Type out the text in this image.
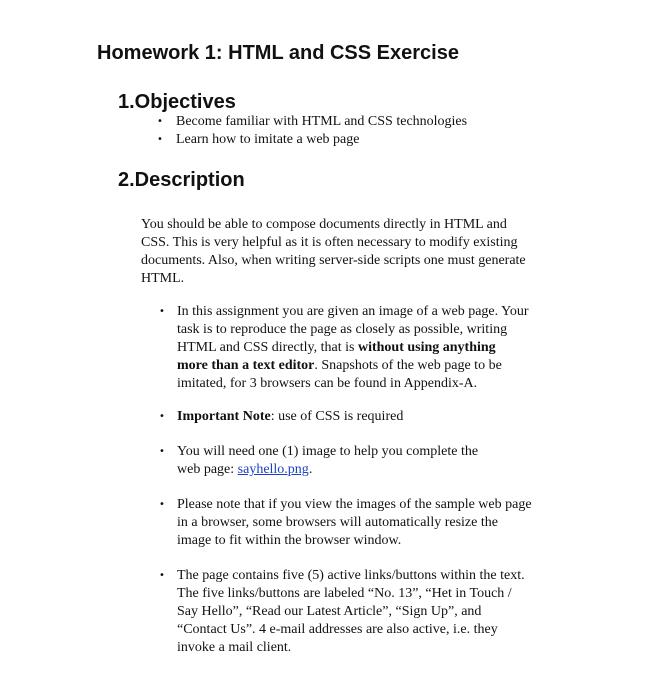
Homework 1: HTML and CSS Exercise
1.Objectives
• Become familiar with HTML and CSS technologies
• Learn how to imitate a web page
2.Description

You should be able to compose documents directly in HTML and
CSS. This is very helpful as it is often necessary to modify existing
documents. Also, when writing server-side scripts one must generate
HTML.

• In this assignment you are given an image of a web page. Your
task is to reproduce the page as closely as possible, writing
HTML and CSS directly, that is without using anything
more than a text editor. Snapshots of the web page to be
imitated, for 3 browsers can be found in Appendix-A.
• Important Note: use of CSS is required
• You will need one (1) image to help you complete the
web page: sayhello.png.
• Please note that if you view the images of the sample web page
in a browser, some browsers will automatically resize the
image to fit within the browser window.
• The page contains five (5) active links/buttons within the text.
The five links/buttons are labeled “No. 13”, “Het in Touch /
Say Hello”, “Read our Latest Article”, “Sign Up”, and
“Contact Us”. 4 e-mail addresses are also active, i.e. they
invoke a mail client.
